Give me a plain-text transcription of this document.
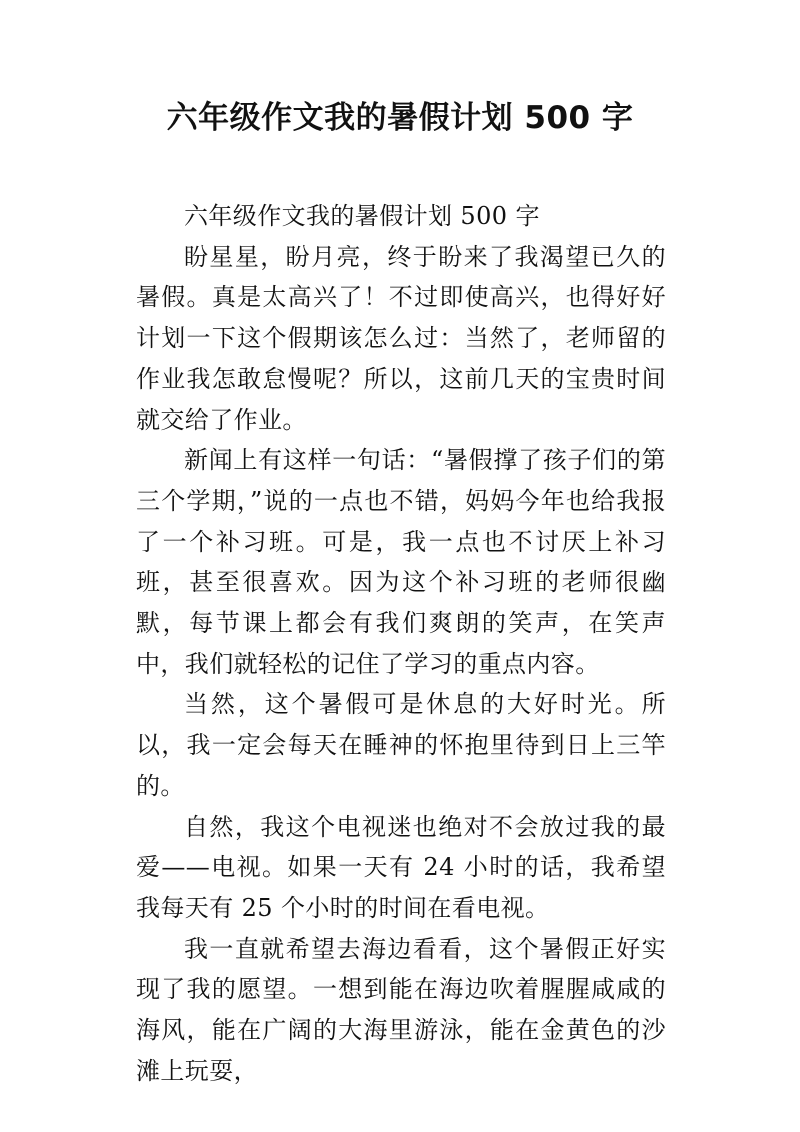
六年级作文我的暑假计划 500 字

六年级作文我的暑假计划 500 字

盼星星，盼月亮，终于盼来了我渴望已久的暑假。真是太高兴了！不过即使高兴，也得好好计划一下这个假期该怎么过：当然了，老师留的作业我怎敢怠慢呢？所以，这前几天的宝贵时间就交给了作业。

新闻上有这样一句话：“暑假撑了孩子们的第三个学期，”说的一点也不错，妈妈今年也给我报了一个补习班。可是，我一点也不讨厌上补习班，甚至很喜欢。因为这个补习班的老师很幽默，每节课上都会有我们爽朗的笑声，在笑声中，我们就轻松的记住了学习的重点内容。

当然，这个暑假可是休息的大好时光。所以，我一定会每天在睡神的怀抱里待到日上三竿的。

自然，我这个电视迷也绝对不会放过我的最爱——电视。如果一天有 24 小时的话，我希望我每天有 25 个小时的时间在看电视。

我一直就希望去海边看看，这个暑假正好实现了我的愿望。一想到能在海边吹着腥腥咸咸的海风，能在广阔的大海里游泳，能在金黄色的沙滩上玩耍，
